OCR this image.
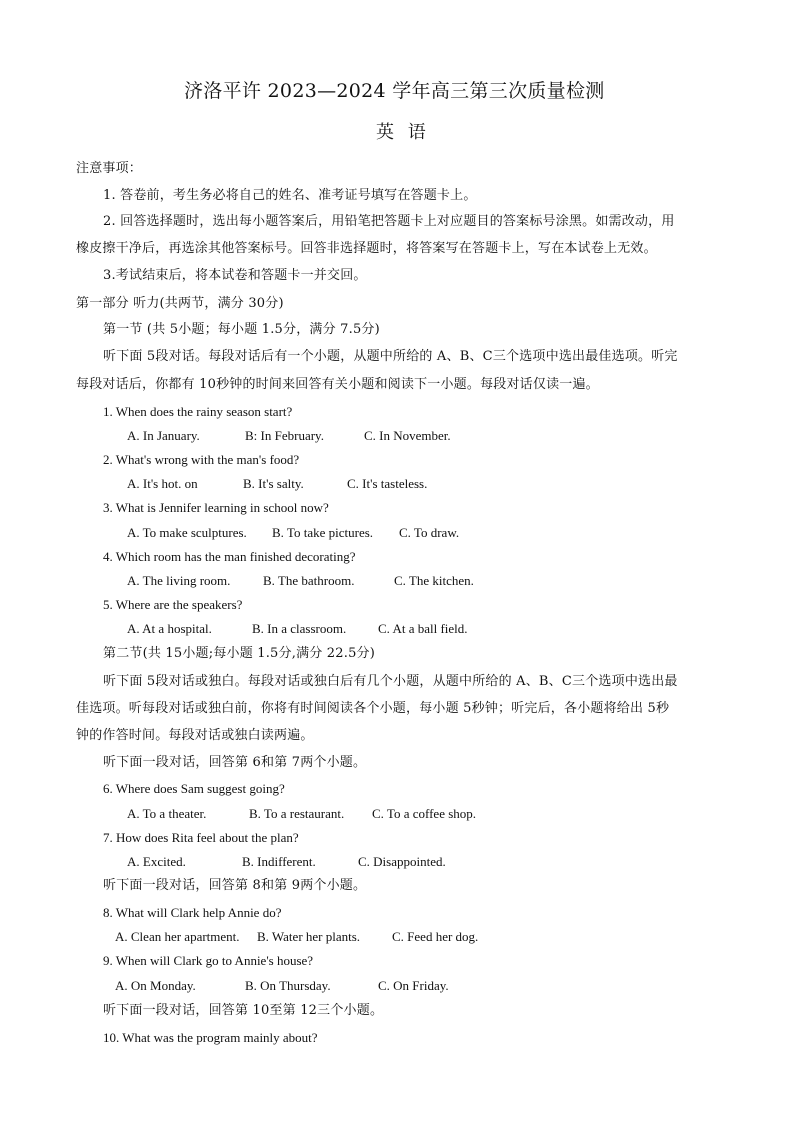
济洛平许 2023—2024 学年高三第三次质量检测
英 语
注意事项：
1. 答卷前，考生务必将自己的姓名、准考证号填写在答题卡上。
2. 回答选择题时，选出每小题答案后，用铅笔把答题卡上对应题目的答案标号涂黑。如需改动，用
橡皮擦干净后，再选涂其他答案标号。回答非选择题时，将答案写在答题卡上，写在本试卷上无效。
3.考试结束后，将本试卷和答题卡一并交回。
第一部分 听力(共两节，满分 30分)
第一节 (共 5小题；每小题 1.5分，满分 7.5分)
听下面 5段对话。每段对话后有一个小题，从题中所给的 A、B、C三个选项中选出最佳选项。听完
每段对话后，你都有 10秒钟的时间来回答有关小题和阅读下一小题。每段对话仅读一遍。
1. When does the rainy season start?
A. In January.	B: In February.	C. In November.
2. What's wrong with the man's food?
A. It's hot. on	B. It's salty.	C. It's tasteless.
3. What is Jennifer learning in school now?
A. To make sculptures. B. To take pictures. C. To draw.
4. Which room has the man finished decorating?
A. The living room.	B. The bathroom.	C. The kitchen.
5. Where are the speakers?
A. At a hospital.	B. In a classroom. C. At a ball field.
第二节(共 15小题;每小题 1.5分,满分 22.5分)
听下面 5段对话或独白。每段对话或独白后有几个小题，从题中所给的 A、B、C三个选项中选出最
佳选项。听每段对话或独白前，你将有时间阅读各个小题，每小题 5秒钟；听完后，各小题将给出 5秒
钟的作答时间。每段对话或独白读两遍。
听下面一段对话，回答第 6和第 7两个小题。
6. Where does Sam suggest going?
A. To a theater.	B. To a restaurant. C. To a coffee shop.
7. How does Rita feel about the plan?
A. Excited.	B. Indifferent.	C. Disappointed.
听下面一段对话，回答第 8和第 9两个小题。
8. What will Clark help Annie do?
A. Clean her apartment. B. Water her plants. C. Feed her dog.
9. When will Clark go to Annie's house?
A. On Monday.	B. On Thursday.	C. On Friday.
听下面一段对话，回答第 10至第 12三个小题。
10. What was the program mainly about?
